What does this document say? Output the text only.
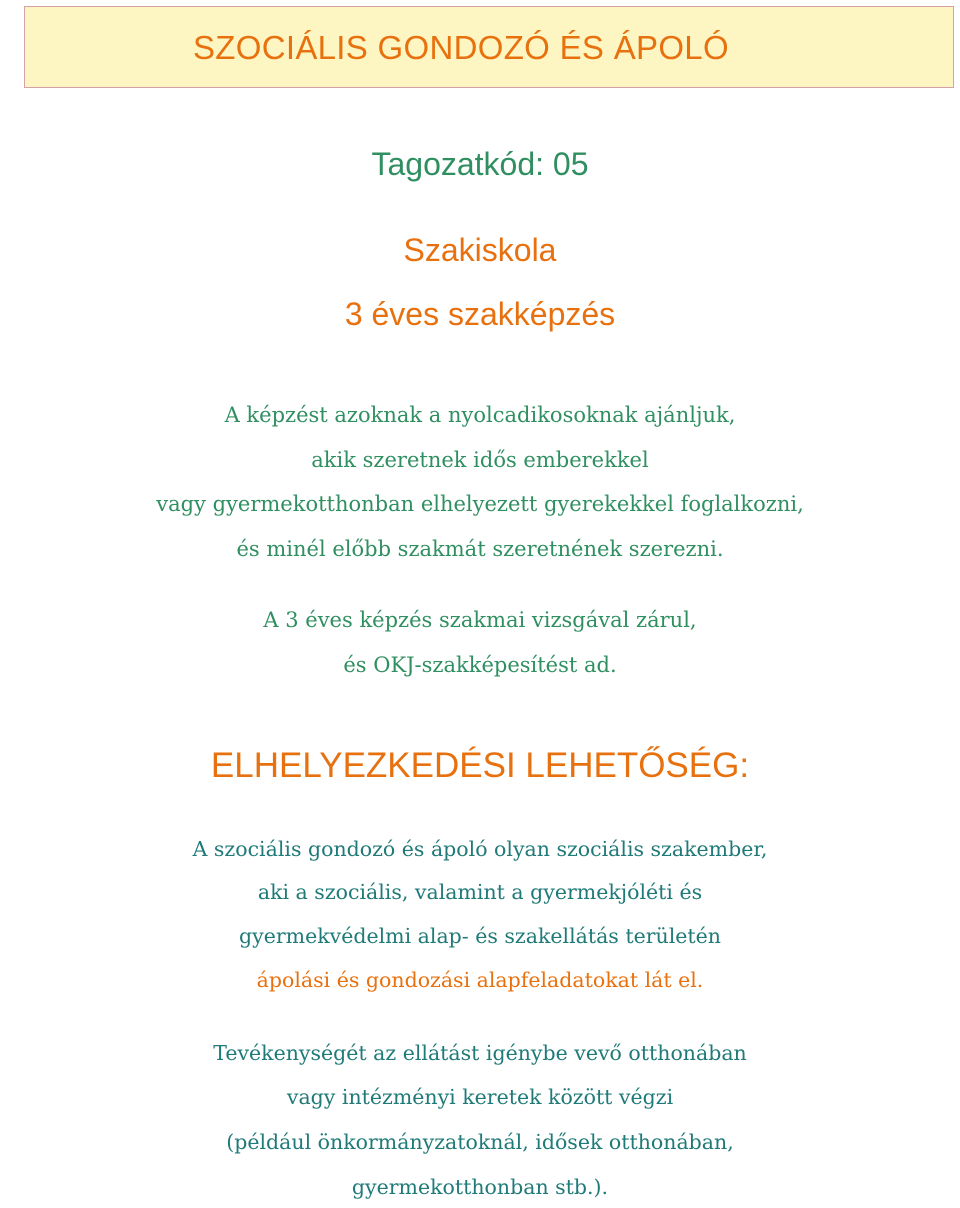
SZOCIÁLIS GONDOZÓ ÉS ÁPOLÓ
Tagozatkód: 05
Szakiskola
3 éves szakképzés
A képzést azoknak a nyolcadikosoknak ajánljuk,
akik szeretnek idős emberekkel
vagy gyermekotthonban elhelyezett gyerekekkel foglalkozni,
és minél előbb szakmát szeretnének szerezni.
A 3 éves képzés szakmai vizsgával zárul,
és OKJ-szakképesítést ad.
ELHELYEZKEDÉSI LEHETŐSÉG:
A szociális gondozó és ápoló olyan szociális szakember,
aki a szociális, valamint a gyermekjóléti és
gyermekvédelmi alap- és szakellátás területén
ápolási és gondozási alapfeladatokat lát el.
Tevékenységét az ellátást igénybe vevő otthonában
vagy intézményi keretek között végzi
(például önkormányzatoknál, idősek otthonában,
gyermekotthonban stb.).
